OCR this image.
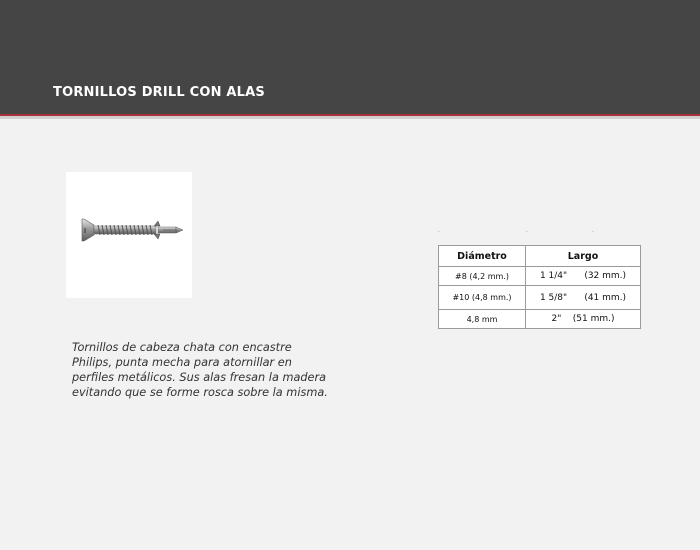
TORNILLOS DRILL CON ALAS
Tornillos de cabeza chata con encastre Philips, punta mecha para atornillar en perfiles metálicos. Sus alas fresan la madera evitando que se forme rosca sobre la misma.
·	·	·
Diámetro	Largo
#8 (4,2 mm.)	1 1/4"      (32 mm.)
#10 (4,8 mm.)	1 5/8"      (41 mm.)
4,8 mm	2"    (51 mm.)
